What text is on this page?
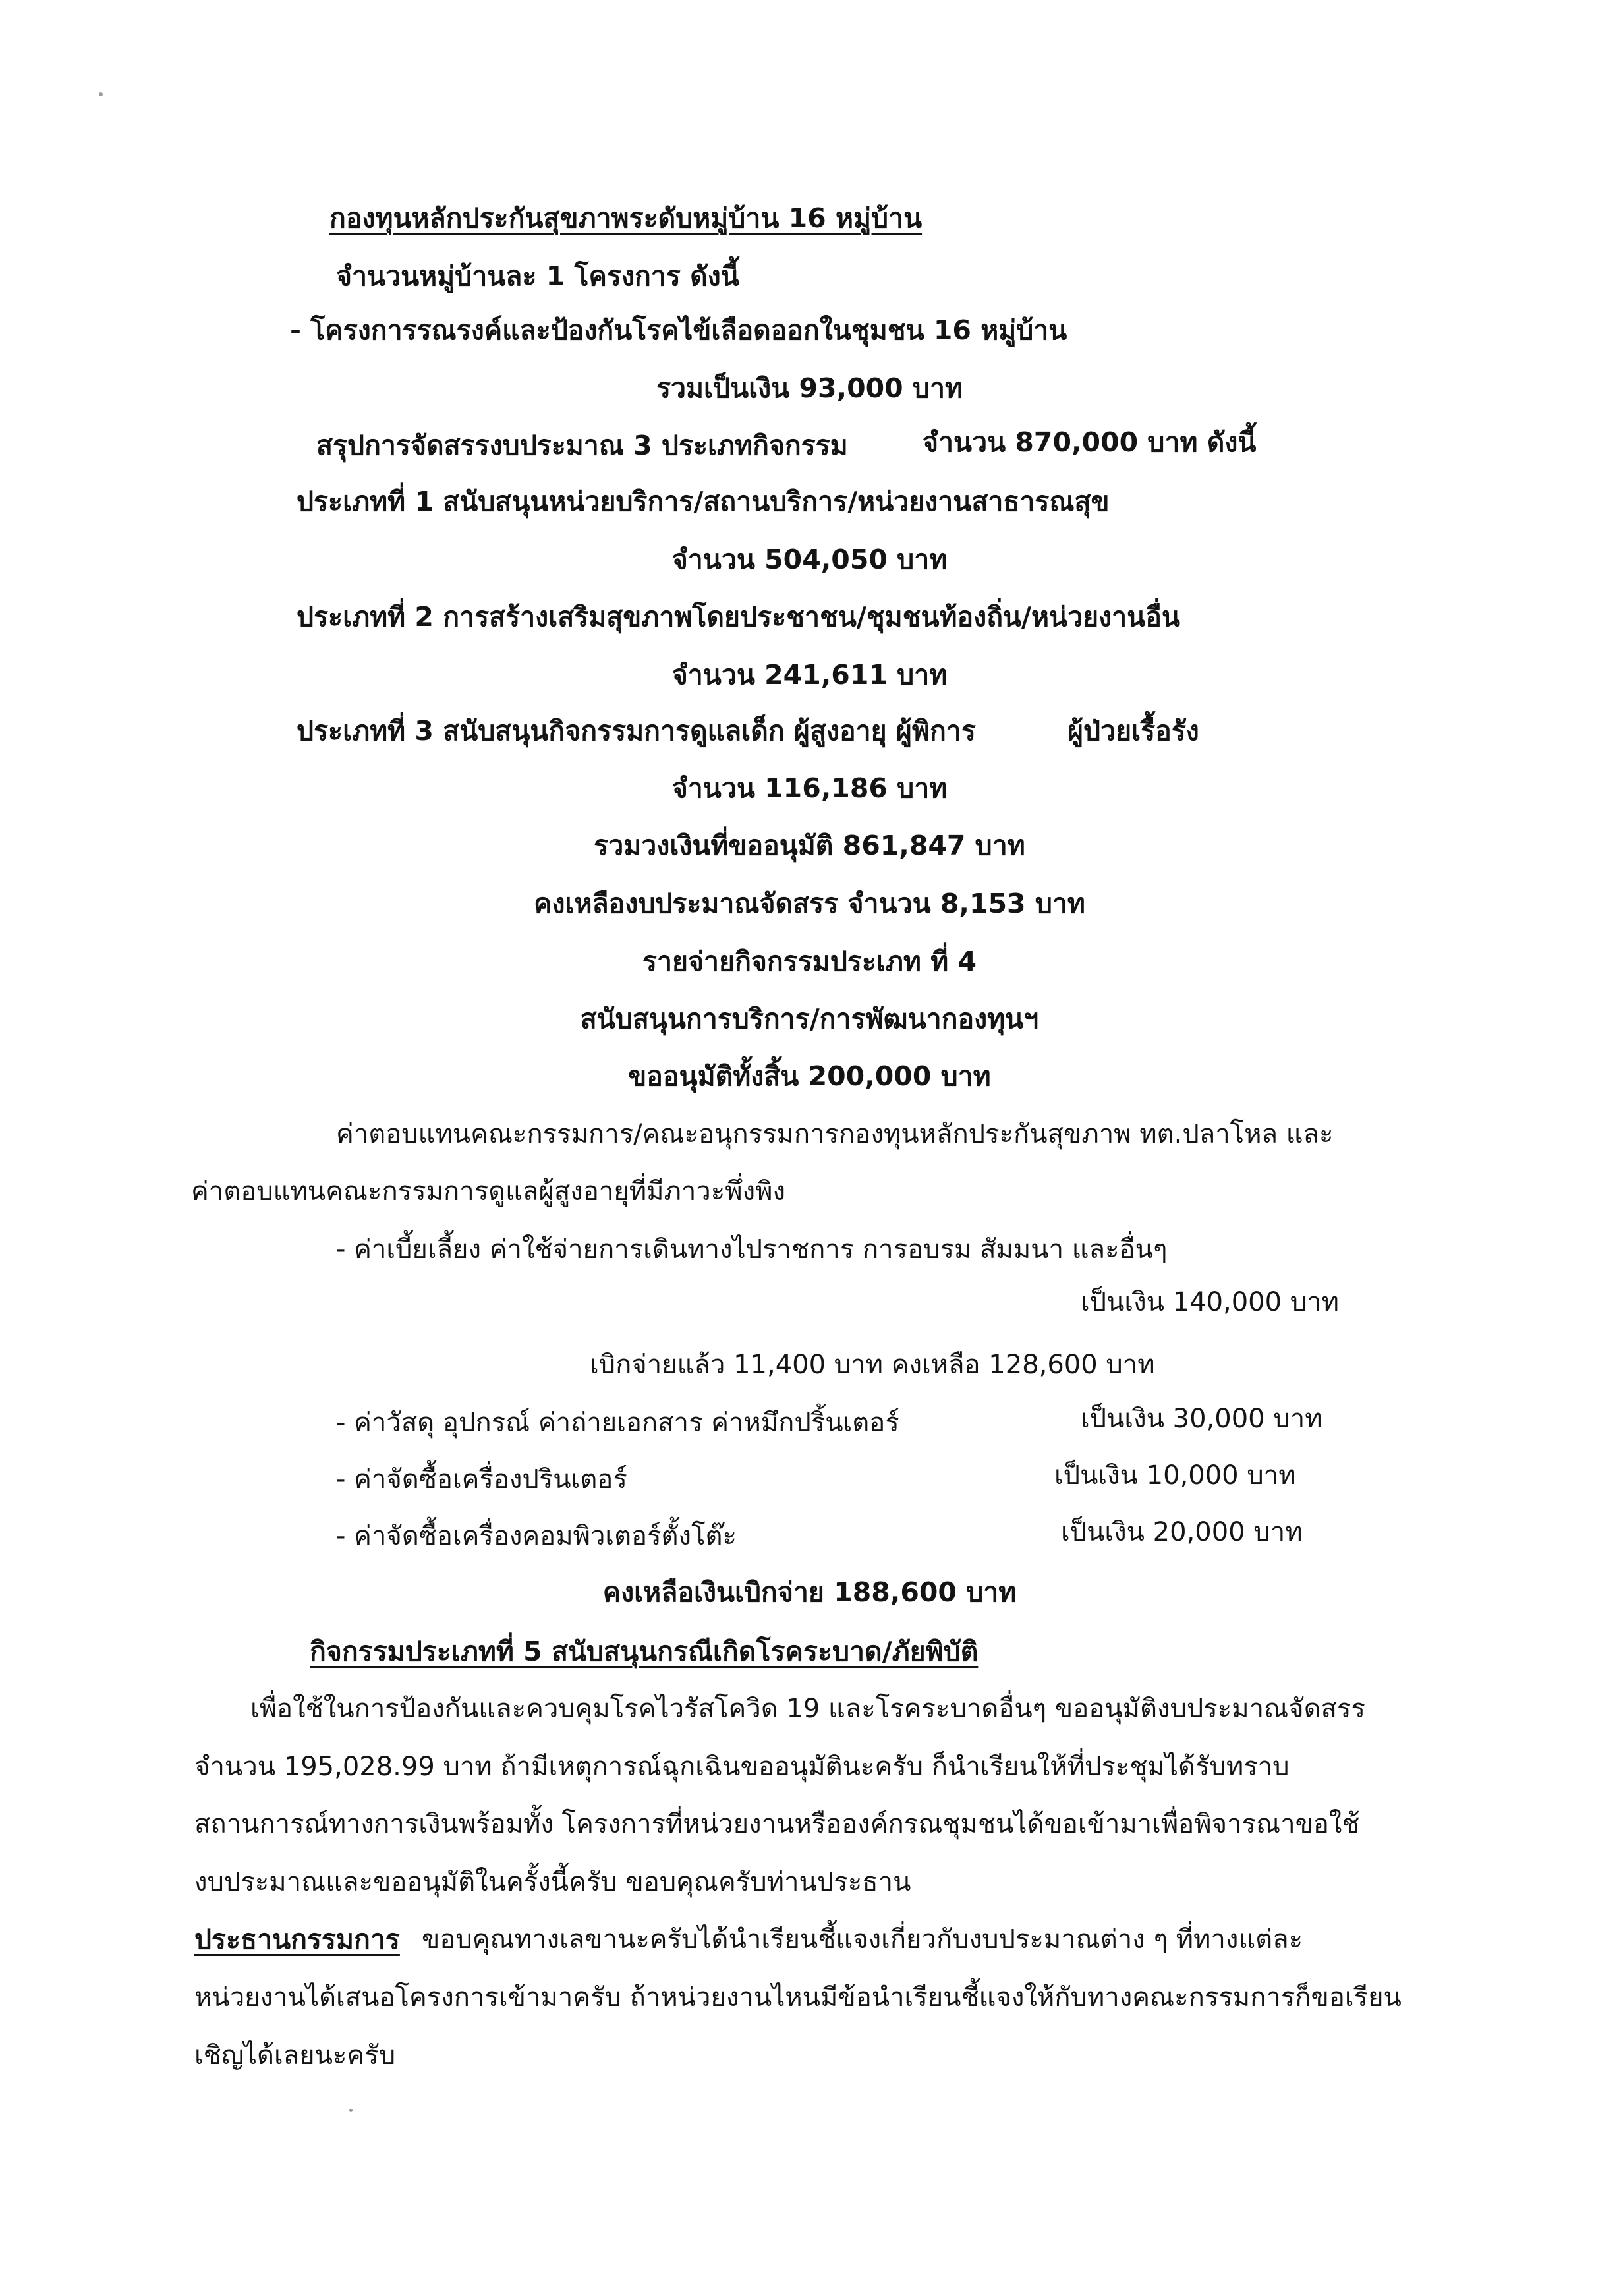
กองทุนหลักประกันสุขภาพระดับหมู่บ้าน 16 หมู่บ้าน
จำนวนหมู่บ้านละ 1 โครงการ ดังนี้
- โครงการรณรงค์และป้องกันโรคไข้เลือดออกในชุมชน 16 หมู่บ้าน
รวมเป็นเงิน 93,000 บาท
สรุปการจัดสรรงบประมาณ 3 ประเภทกิจกรรม	จำนวน 870,000 บาท ดังนี้
ประเภทที่ 1 สนับสนุนหน่วยบริการ/สถานบริการ/หน่วยงานสาธารณสุข
จำนวน 504,050 บาท
ประเภทที่ 2 การสร้างเสริมสุขภาพโดยประชาชน/ชุมชนท้องถิ่น/หน่วยงานอื่น
จำนวน 241,611 บาท
ประเภทที่ 3 สนับสนุนกิจกรรมการดูแลเด็ก ผู้สูงอายุ ผู้พิการ	ผู้ป่วยเรื้อรัง
จำนวน 116,186 บาท
รวมวงเงินที่ขออนุมัติ 861,847 บาท
คงเหลืองบประมาณจัดสรร จำนวน 8,153 บาท
รายจ่ายกิจกรรมประเภท ที่ 4
สนับสนุนการบริการ/การพัฒนากองทุนฯ
ขออนุมัติทั้งสิ้น 200,000 บาท
ค่าตอบแทนคณะกรรมการ/คณะอนุกรรมการกองทุนหลักประกันสุขภาพ ทต.ปลาโหล และ
ค่าตอบแทนคณะกรรมการดูแลผู้สูงอายุที่มีภาวะพึ่งพิง
- ค่าเบี้ยเลี้ยง ค่าใช้จ่ายการเดินทางไปราชการ การอบรม สัมมนา และอื่นๆ
เป็นเงิน 140,000 บาท
เบิกจ่ายแล้ว 11,400 บาท คงเหลือ 128,600 บาท
- ค่าวัสดุ อุปกรณ์ ค่าถ่ายเอกสาร ค่าหมึกปริ้นเตอร์	เป็นเงิน 30,000 บาท
- ค่าจัดซื้อเครื่องปรินเตอร์	เป็นเงิน 10,000 บาท
- ค่าจัดซื้อเครื่องคอมพิวเตอร์ตั้งโต๊ะ	เป็นเงิน 20,000 บาท
คงเหลือเงินเบิกจ่าย 188,600 บาท
กิจกรรมประเภทที่ 5 สนับสนุนกรณีเกิดโรคระบาด/ภัยพิบัติ
เพื่อใช้ในการป้องกันและควบคุมโรคไวรัสโควิด 19 และโรคระบาดอื่นๆ ขออนุมัติงบประมาณจัดสรร
จำนวน 195,028.99 บาท ถ้ามีเหตุการณ์ฉุกเฉินขออนุมัตินะครับ ก็นำเรียนให้ที่ประชุมได้รับทราบ
สถานการณ์ทางการเงินพร้อมทั้ง โครงการที่หน่วยงานหรือองค์กรณชุมชนได้ขอเข้ามาเพื่อพิจารณาขอใช้
งบประมาณและขออนุมัติในครั้งนี้ครับ ขอบคุณครับท่านประธาน
ประธานกรรมการ ขอบคุณทางเลขานะครับได้นำเรียนชี้แจงเกี่ยวกับงบประมาณต่าง ๆ ที่ทางแต่ละ
หน่วยงานได้เสนอโครงการเข้ามาครับ ถ้าหน่วยงานไหนมีข้อนำเรียนชี้แจงให้กับทางคณะกรรมการก็ขอเรียน
เชิญได้เลยนะครับ
